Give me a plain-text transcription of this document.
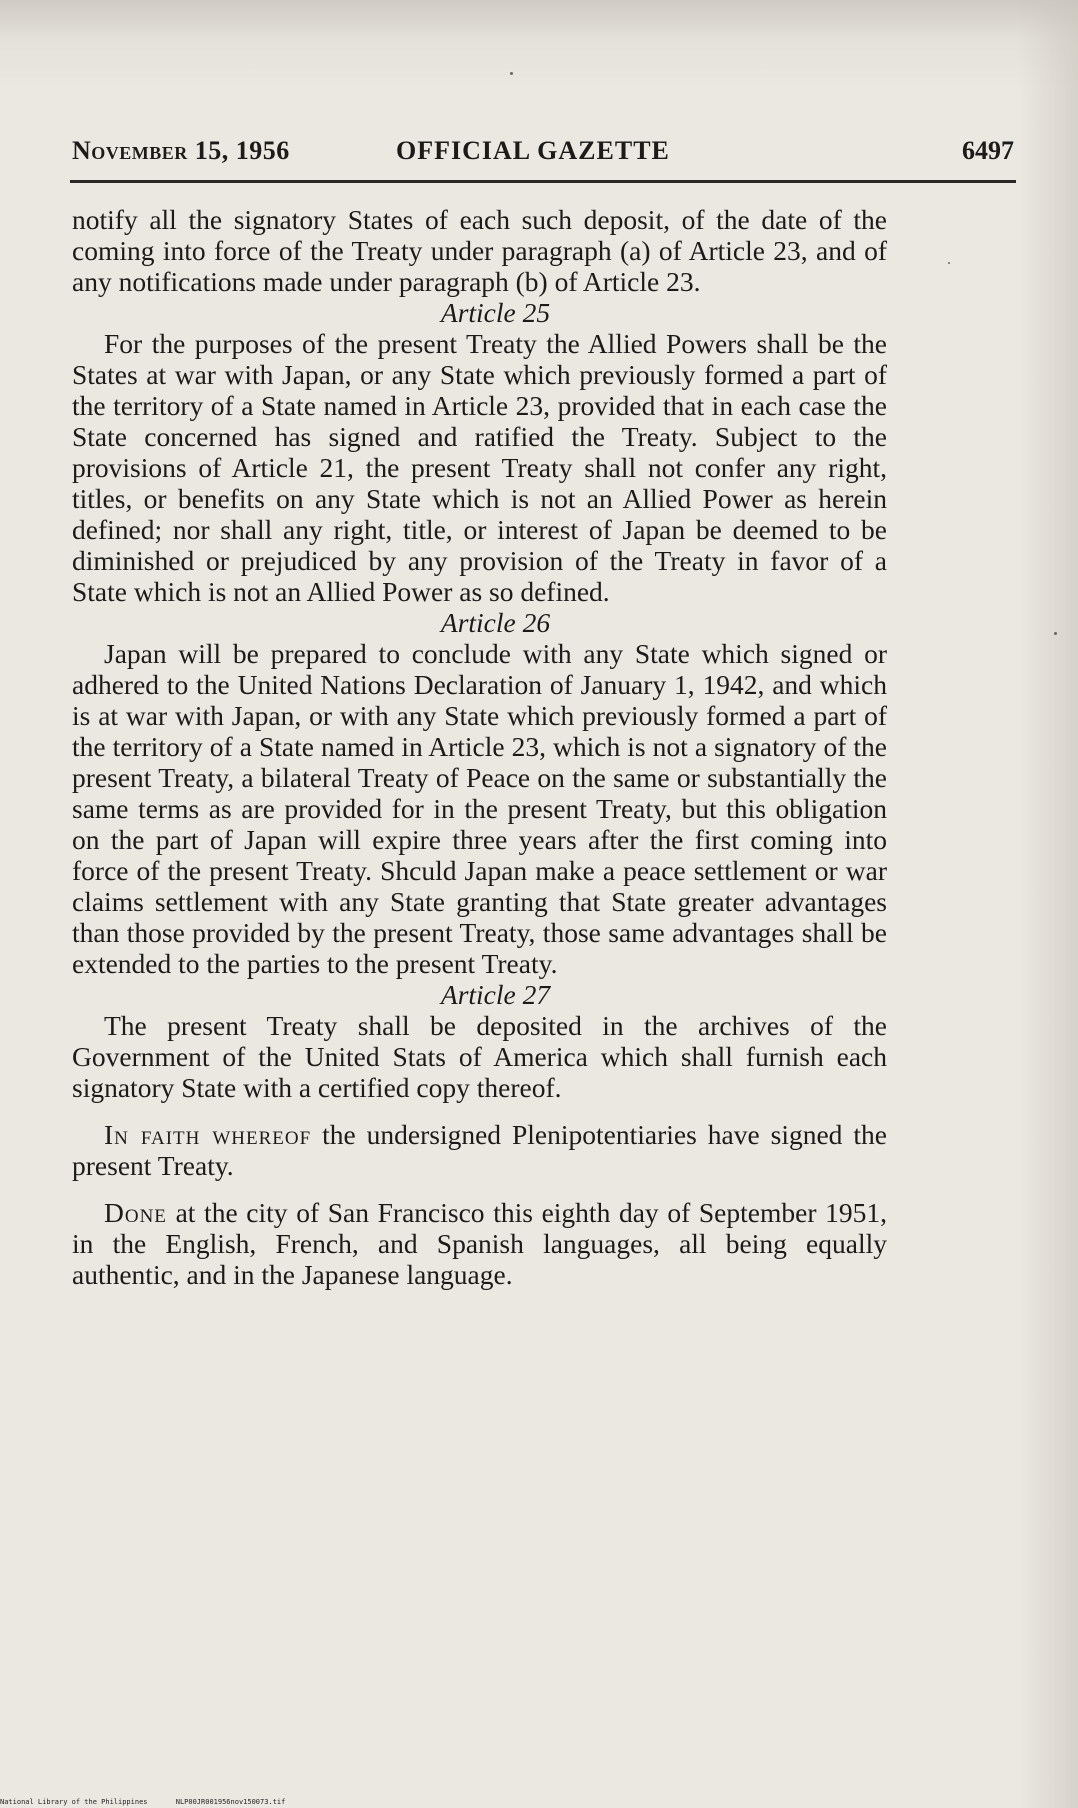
November 15, 1956	OFFICIAL GAZETTE	6497

notify all the signatory States of each such deposit, of the date of the coming into force of the Treaty under paragraph (a) of Article 23, and of any notifications made under paragraph (b) of Article 23.

Article 25

For the purposes of the present Treaty the Allied Powers shall be the States at war with Japan, or any State which previously formed a part of the territory of a State named in Article 23, provided that in each case the State concerned has signed and ratified the Treaty. Subject to the provisions of Article 21, the present Treaty shall not confer any right, titles, or benefits on any State which is not an Allied Power as herein defined; nor shall any right, title, or interest of Japan be deemed to be diminished or prejudiced by any provision of the Treaty in favor of a State which is not an Allied Power as so defined.

Article 26

Japan will be prepared to conclude with any State which signed or adhered to the United Nations Declaration of January 1, 1942, and which is at war with Japan, or with any State which previously formed a part of the territory of a State named in Article 23, which is not a signatory of the present Treaty, a bilateral Treaty of Peace on the same or substantially the same terms as are provided for in the present Treaty, but this obligation on the part of Japan will expire three years after the first coming into force of the present Treaty. Shculd Japan make a peace settlement or war claims settlement with any State granting that State greater advantages than those provided by the present Treaty, those same advantages shall be extended to the parties to the present Treaty.

Article 27

The present Treaty shall be deposited in the archives of the Government of the United Stats of America which shall furnish each signatory State with a certified copy thereof.

In faith whereof the undersigned Plenipotentiaries have signed the present Treaty.

Done at the city of San Francisco this eighth day of September 1951, in the English, French, and Spanish languages, all being equally authentic, and in the Japanese language.

National Library of the Philippines	NLP00JR001956nov150073.tif
